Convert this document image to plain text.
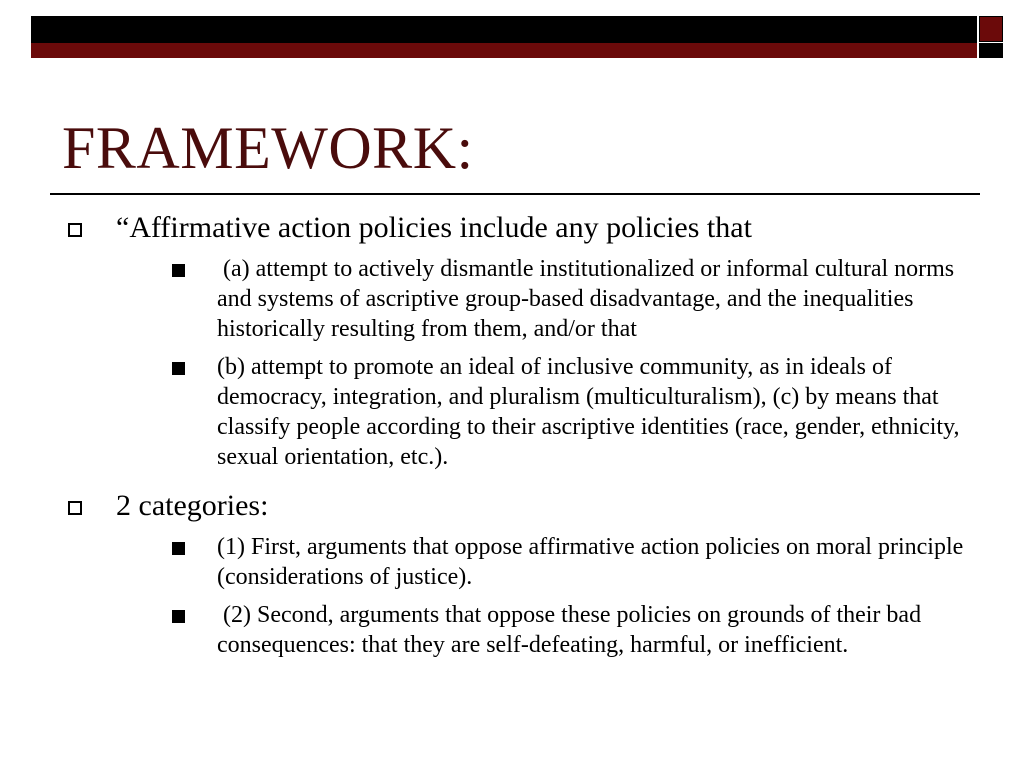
FRAMEWORK:
“Affirmative action policies include any policies that
(a) attempt to actively dismantle institutionalized or informal cultural norms and systems of ascriptive group-based disadvantage, and the inequalities historically resulting from them, and/or that
(b) attempt to promote an ideal of inclusive community, as in ideals of democracy, integration, and pluralism (multiculturalism), (c) by means that classify people according to their ascriptive identities (race, gender, ethnicity, sexual orientation, etc.).
2 categories:
(1) First, arguments that oppose affirmative action policies on moral principle (considerations of justice).
(2) Second, arguments that oppose these policies on grounds of their bad consequences: that they are self-defeating, harmful, or inefficient.
